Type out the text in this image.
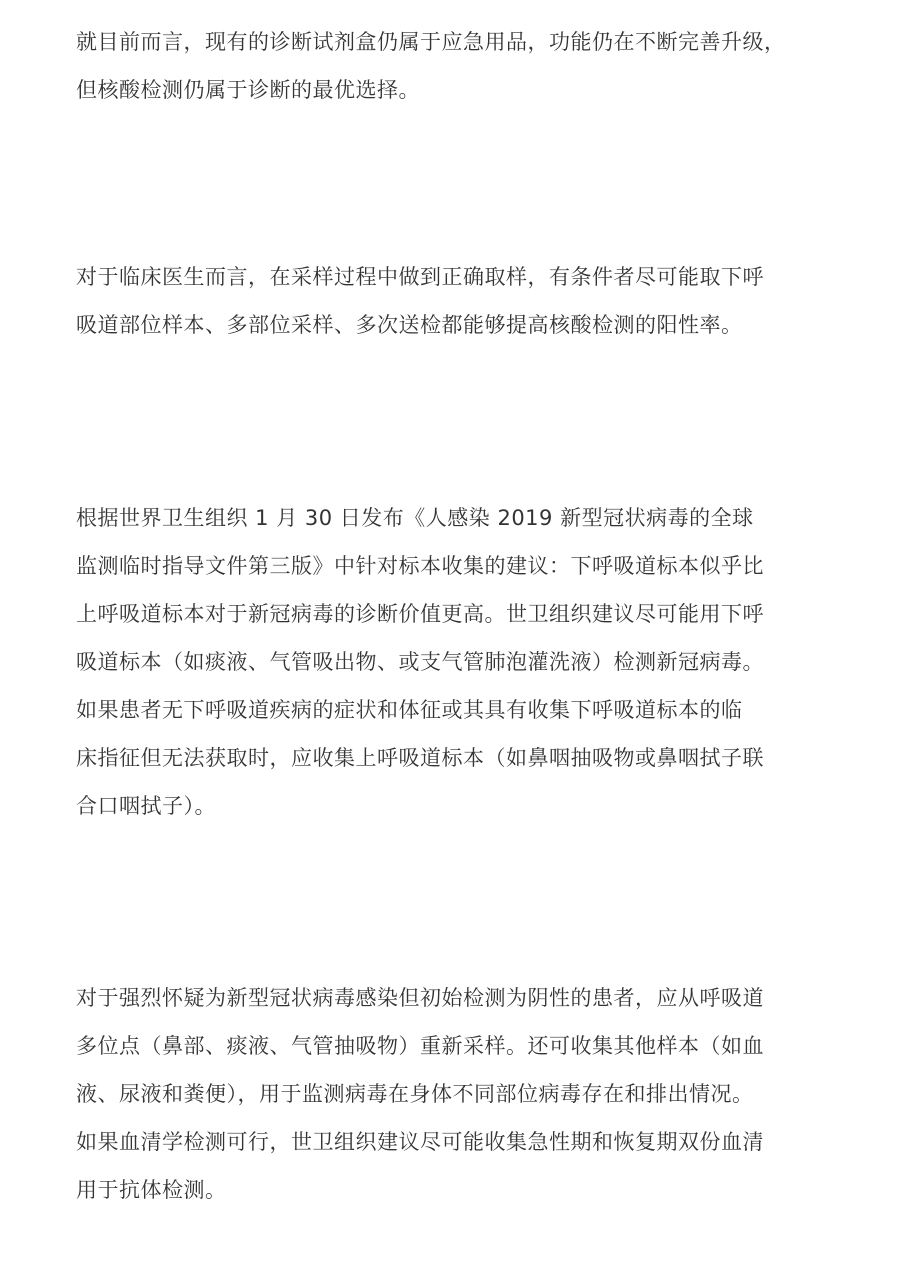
就目前而言，现有的诊断试剂盒仍属于应急用品，功能仍在不断完善升级，
但核酸检测仍属于诊断的最优选择。
对于临床医生而言，在采样过程中做到正确取样，有条件者尽可能取下呼
吸道部位样本、多部位采样、多次送检都能够提高核酸检测的阳性率。
根据世界卫生组织 1 月 30 日发布《人感染 2019 新型冠状病毒的全球
监测临时指导文件第三版》中针对标本收集的建议：下呼吸道标本似乎比
上呼吸道标本对于新冠病毒的诊断价值更高。世卫组织建议尽可能用下呼
吸道标本（如痰液、气管吸出物、或支气管肺泡灌洗液）检测新冠病毒。
如果患者无下呼吸道疾病的症状和体征或其具有收集下呼吸道标本的临
床指征但无法获取时，应收集上呼吸道标本（如鼻咽抽吸物或鼻咽拭子联
合口咽拭子）。
对于强烈怀疑为新型冠状病毒感染但初始检测为阴性的患者，应从呼吸道
多位点（鼻部、痰液、气管抽吸物）重新采样。还可收集其他样本（如血
液、尿液和粪便），用于监测病毒在身体不同部位病毒存在和排出情况。
如果血清学检测可行，世卫组织建议尽可能收集急性期和恢复期双份血清
用于抗体检测。
